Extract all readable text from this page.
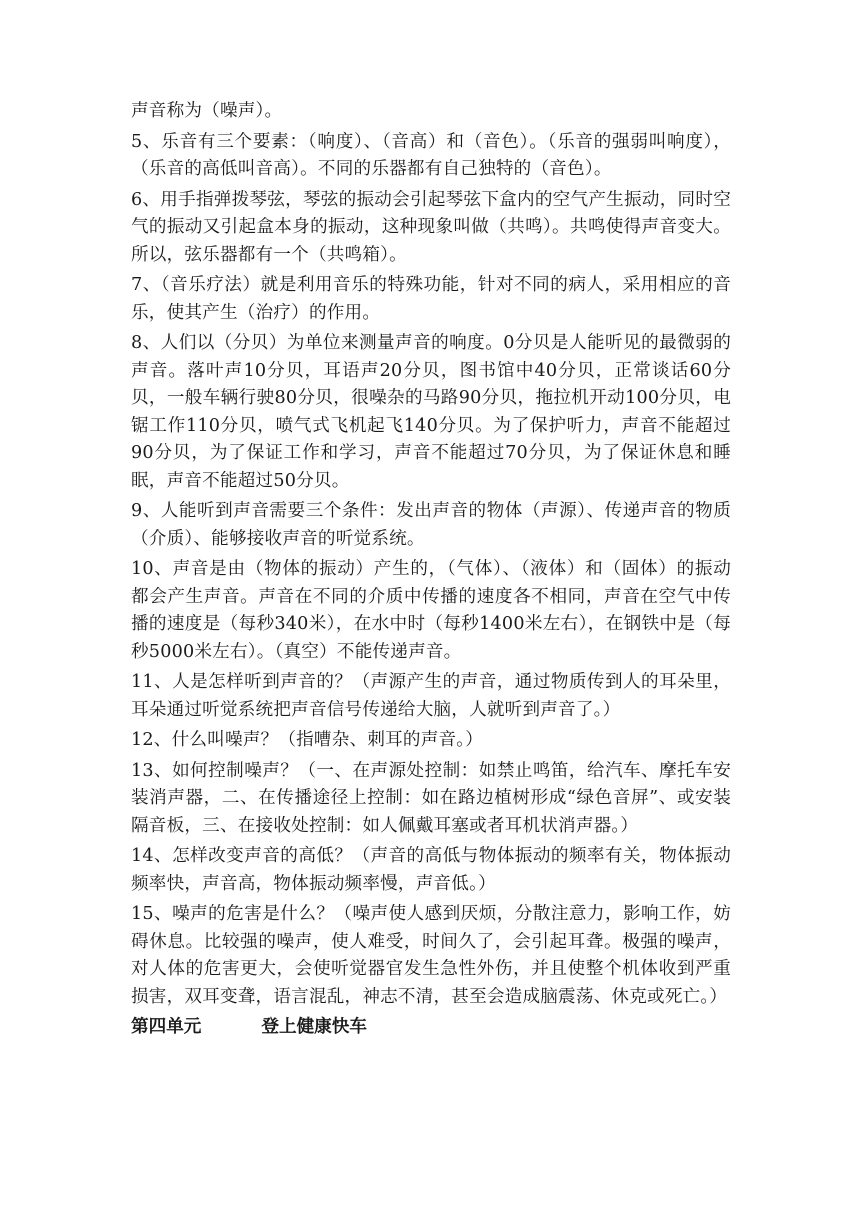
声音称为（噪声）。

5、乐音有三个要素：（响度）、（音高）和（音色）。（乐音的强弱叫响度），（乐音的高低叫音高）。不同的乐器都有自己独特的（音色）。

6、用手指弹拨琴弦，琴弦的振动会引起琴弦下盒内的空气产生振动，同时空气的振动又引起盒本身的振动，这种现象叫做（共鸣）。共鸣使得声音变大。所以，弦乐器都有一个（共鸣箱）。

7、（音乐疗法）就是利用音乐的特殊功能，针对不同的病人，采用相应的音乐，使其产生（治疗）的作用。

8、人们以（分贝）为单位来测量声音的响度。0分贝是人能听见的最微弱的声音。落叶声10分贝，耳语声20分贝，图书馆中40分贝，正常谈话60分贝，一般车辆行驶80分贝，很噪杂的马路90分贝，拖拉机开动100分贝，电锯工作110分贝，喷气式飞机起飞140分贝。为了保护听力，声音不能超过90分贝，为了保证工作和学习，声音不能超过70分贝，为了保证休息和睡眠，声音不能超过50分贝。

9、人能听到声音需要三个条件：发出声音的物体（声源）、传递声音的物质（介质）、能够接收声音的听觉系统。

10、声音是由（物体的振动）产生的，（气体）、（液体）和（固体）的振动都会产生声音。声音在不同的介质中传播的速度各不相同，声音在空气中传播的速度是（每秒340米），在水中时（每秒1400米左右），在钢铁中是（每秒5000米左右）。（真空）不能传递声音。

11、人是怎样听到声音的？（声源产生的声音，通过物质传到人的耳朵里，耳朵通过听觉系统把声音信号传递给大脑，人就听到声音了。）

12、什么叫噪声？（指嘈杂、刺耳的声音。）

13、如何控制噪声？（一、在声源处控制：如禁止鸣笛，给汽车、摩托车安装消声器，二、在传播途径上控制：如在路边植树形成“绿色音屏”、或安装隔音板，三、在接收处控制：如人佩戴耳塞或者耳机状消声器。）

14、怎样改变声音的高低？（声音的高低与物体振动的频率有关，物体振动频率快，声音高，物体振动频率慢，声音低。）

15、噪声的危害是什么？（噪声使人感到厌烦，分散注意力，影响工作，妨碍休息。比较强的噪声，使人难受，时间久了，会引起耳聋。极强的噪声，对人体的危害更大，会使听觉器官发生急性外伤，并且使整个机体收到严重损害，双耳变聋，语言混乱，神志不清，甚至会造成脑震荡、休克或死亡。）

第四单元	登上健康快车
